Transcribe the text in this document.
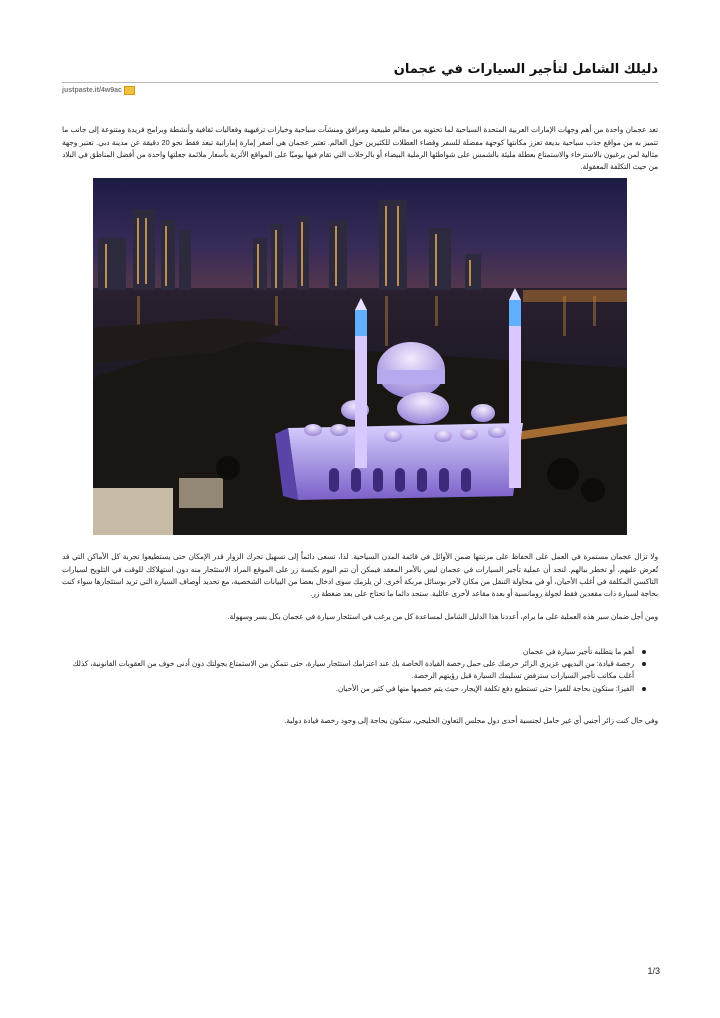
دليلك الشامل لتأجير السيارات في عجمان
justpaste.it/4w9ac

تعد عجمان واحدة من أهم وجهات الإمارات العربية المتحدة السياحية لما تحتويه من معالم طبيعية ومرافق ومنشآت سياحية وخيارات ترفيهية وفعاليات ثقافية وأنشطة وبرامج فريدة ومتنوعة إلى جانب ما تتميز به من مواقع جذب سياحية بديعة تعزز مكانتها كوجهة مفضلة للسفر وقضاء العطلات للكثيرين حول العالم. تعتبر عجمان هي أصغر إمارة إماراتية تبعد فقط نحو 20 دقيقة عن مدينة دبي. تعتبر وجهة مثالية لمن يرغبون بالاسترخاء والاستمتاع بعطلة مليئة بالشمس على شواطئها الرملية البيضاء أو بالرحلات التي تقام فيها يوميًا على المواقع الأثرية بأسعار ملائمة جعلتها واحدة من أفضل المناطق في البلاد من حيث التكلفة المعقولة.

ولا تزال عجمان مستمرة في العمل على الحفاظ على مرتبتها ضمن الأوائل في قائمة المدن السياحية. لذا، تسعى دائماً إلى تسهيل تحرك الزوار قدر الإمكان حتى يستطيعوا تجربة كل الأماكن التي قد تُعرض عليهم، أو تخطر ببالهم. لنجد أن عملية تأجير السيارات في عجمان ليس بالأمر المعقد فيمكن أن تتم اليوم بكبسة زر على الموقع المراد الاستئجار منه دون استهلاكك للوقت في التلويح لسيارات التاكسي المكلفة في أغلب الأحيان، أو في محاولة التنقل من مكان لآخر بوسائل مربكة أخرى. لن يلزمك سوى ادخال بعضا من البيانات الشخصية، مع تحديد أوصاف السيارة التي تريد استئجارها سواء كنت بحاجة لسيارة ذات مقعدين فقط لجولة رومانسية أو بعدة مقاعد لأخرى عائلية. ستجد دائما ما تحتاج على بعد ضغطة زر.

ومن أجل ضمان سير هذه العملية على ما يرام، أعددنا هذا الدليل الشامل لمساعدة كل من يرغب في استئجار سيارة في عجمان بكل يسر وسهولة.

أهم ما يتطلبه تأجير سيارة في عجمان
رخصة قيادة: من البديهي عزيزي الزائر حرصك على حمل رخصة القيادة الخاصة بك عند اعتزامك استئجار سيارة، حتى تتمكن من الاستمتاع بجولتك دون أدنى خوف من العقوبات القانونية، كذلك أغلب مكاتب تأجير السيارات سترفض تسليمك السيارة قبل رؤيتهم الرخصة.
الفيزا: ستكون بحاجة للفيزا حتى تستطيع دفع تكلفة الإيجار، حيث يتم خصمها منها في كثير من الأحيان.

وفي حال كنت زائر أجنبي أي غير حامل لجنسية أحدى دول مجلس التعاون الخليجي، ستكون بحاجة إلى وجود رخصة قيادة دولية.

1/3
